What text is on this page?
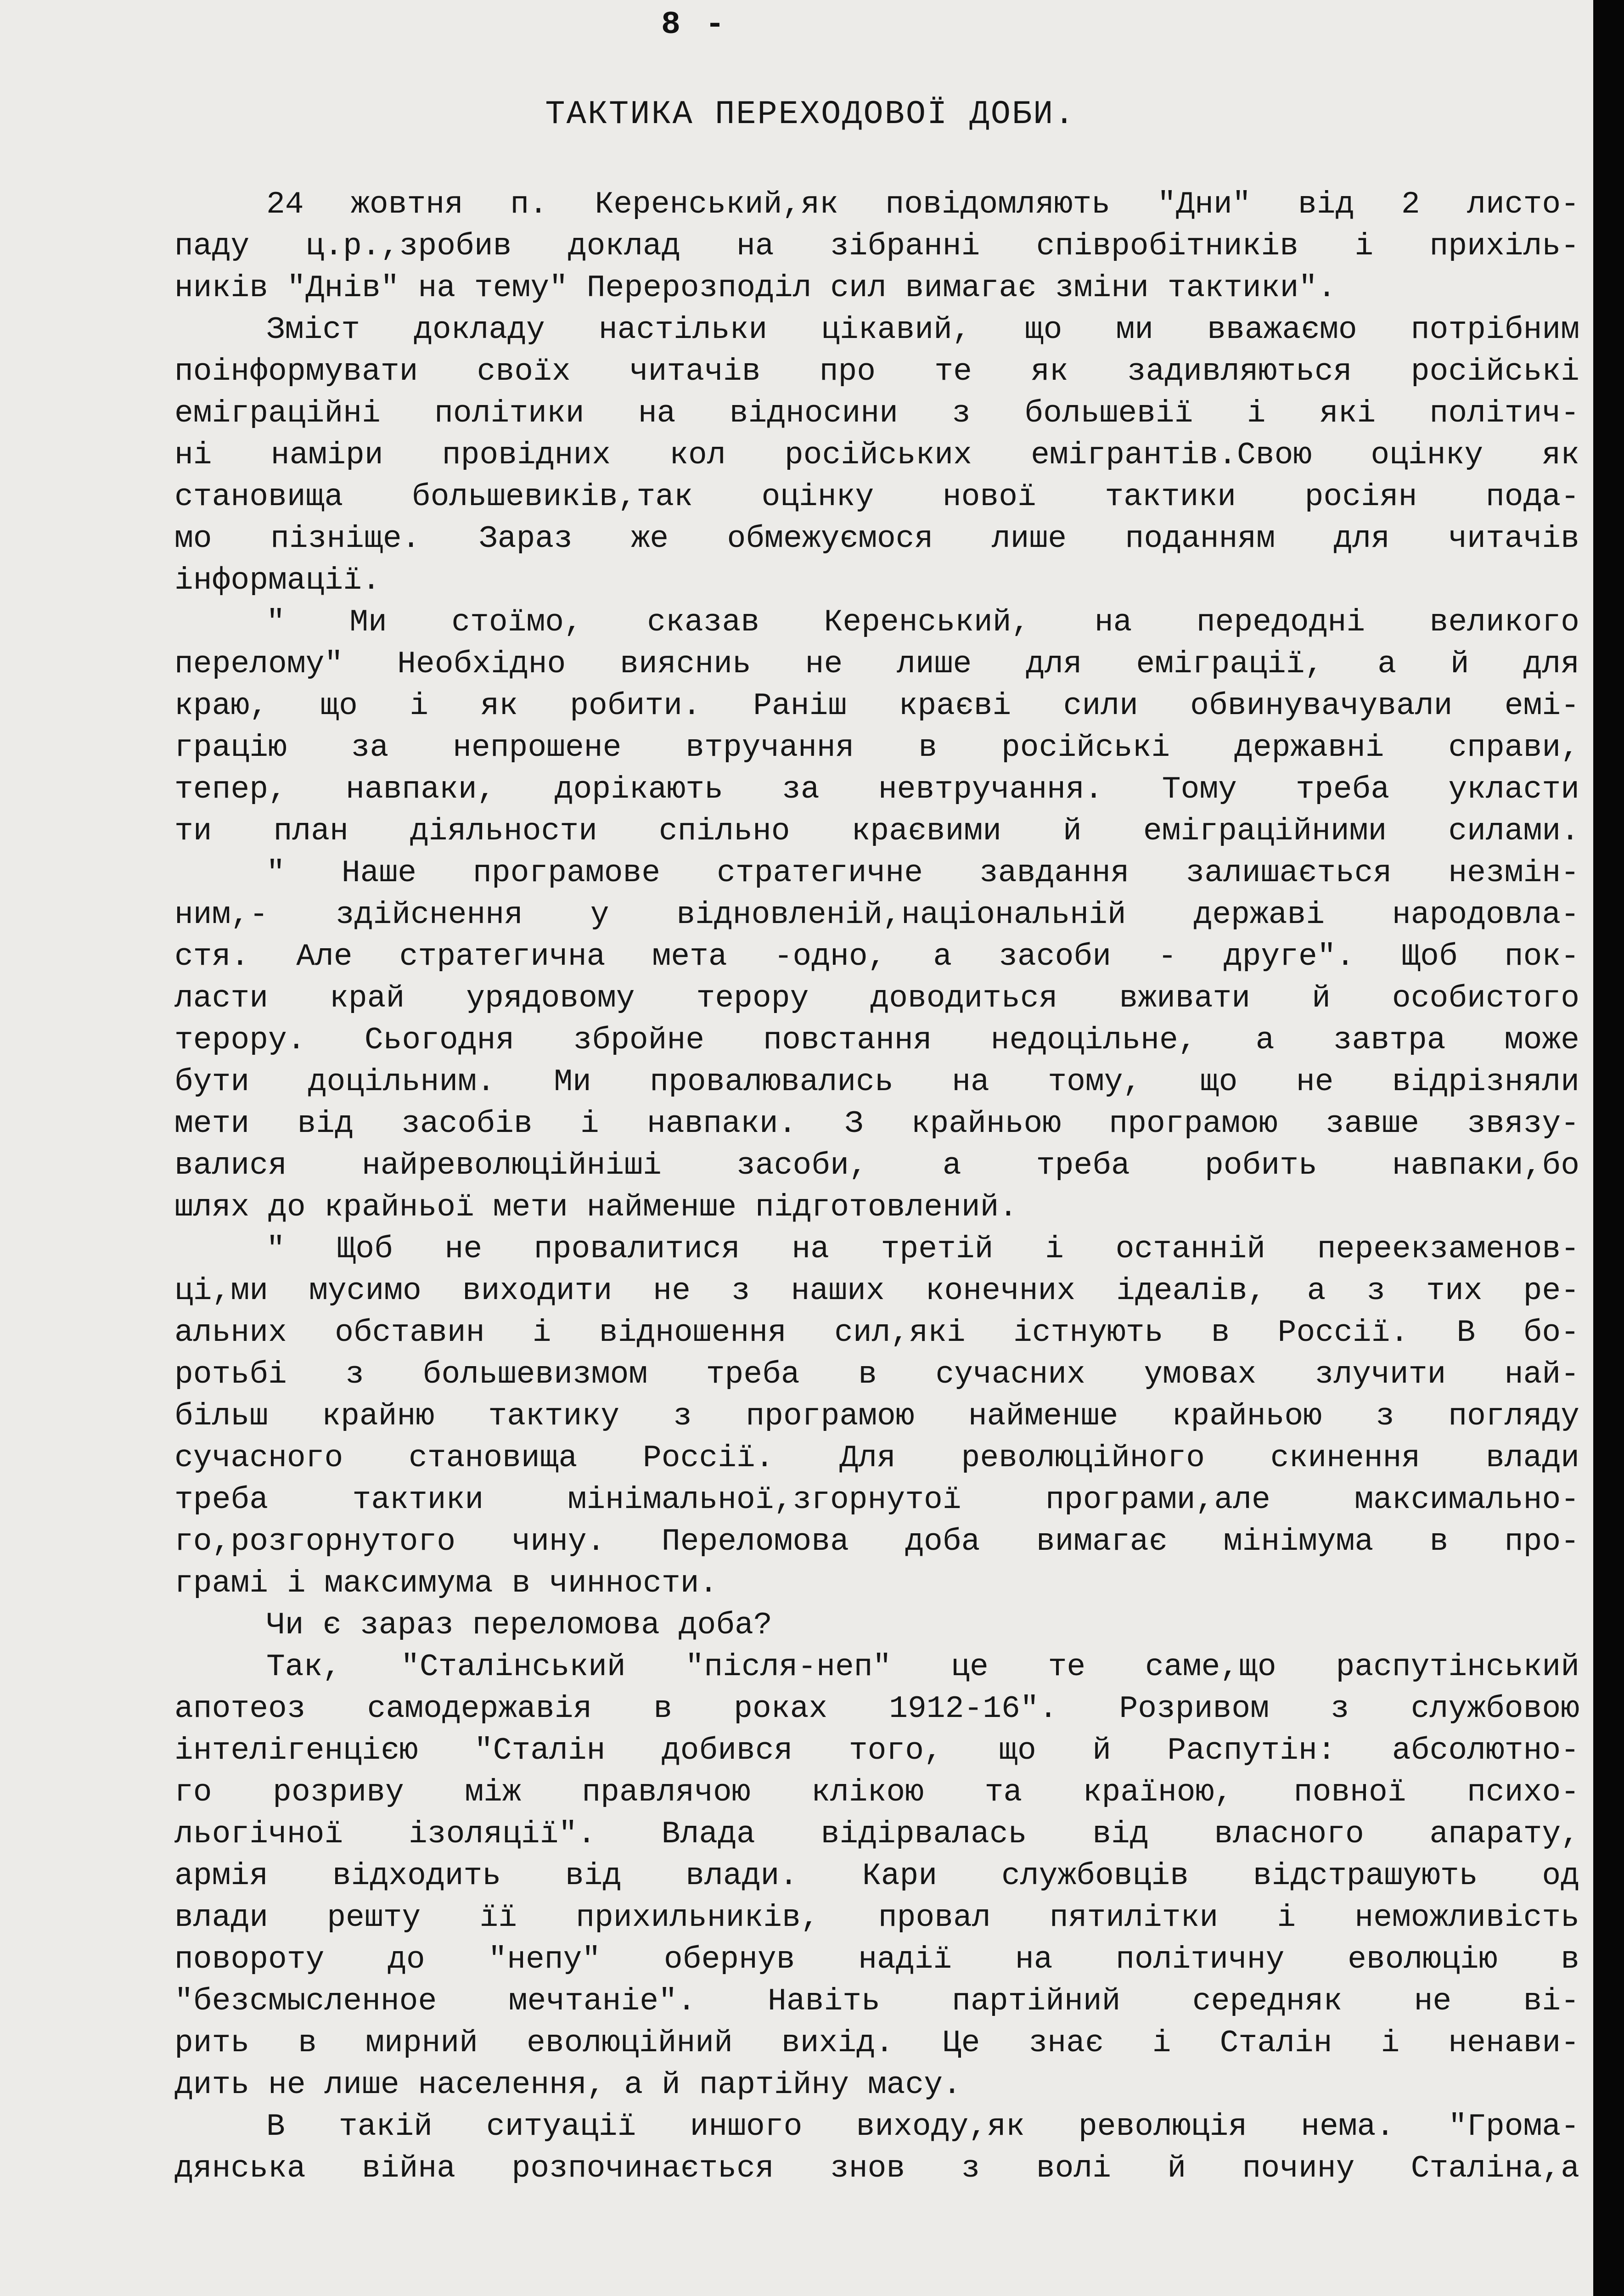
8 -
ТАКТИКА ПЕРЕХОДОВОЇ ДОБИ.
24 жовтня п. Керенський,як повідомляють "Дни" від 2 листо-
паду ц.р.,зробив доклад на зібранні співробітників і прихіль-
ників "Днів" на тему" Перерозподіл сил вимагає зміни тактики".
Зміст докладу настільки цікавий, що ми вважаємо потрібним
поінформувати своїх читачів про те як задивляються російські
еміграційні політики на відносини з большевії і які політич-
ні наміри провідних кол російських емігрантів.Свою оцінку як
становища большевиків,так оцінку нової тактики росіян пода-
мо пізніще. Зараз же обмежуємося лише поданням для читачів
інформації.
" Ми стоїмо, сказав Керенський, на передодні великого
перелому" Необхідно виясниь не лише для еміграції, а й для
краю, що і як робити. Раніш краєві сили обвинувачували емі-
грацію за непрошене втручання в російські державні справи,
тепер, навпаки, дорікають за невтручання. Тому треба укласти
ти план діяльности спільно краєвими й еміграційними силами.
" Наше програмове стратегичне завдання залишається незмін-
ним,- здійснення у відновленій,національній державі народовла-
стя. Але стратегична мета -одно, а засоби - друге". Щоб пок-
ласти край урядовому терору доводиться вживати й особистого
терору. Сьогодня збройне повстання недоцільне, а завтра може
бути доцільним. Ми провалювались на тому, що не відрізняли
мети від засобів і навпаки. З крайньою програмою завше звязу-
валися найреволюційніші засоби, а треба робить навпаки,бо
шлях до крайньої мети найменше підготовлений.
" Щоб не провалитися на третій і останній переекзаменов-
ці,ми мусимо виходити не з наших конечних ідеалів, а з тих ре-
альних обставин і відношення сил,які істнують в Россії. В бо-
ротьбі з большевизмом треба в сучасних умовах злучити най-
більш крайню тактику з програмою найменше крайньою з погляду
сучасного становища Россії. Для революційного скинення влади
треба тактики мінімальної,згорнутої програми,але максимально-
го,розгорнутого чину. Переломова доба вимагає мінімума в про-
грамі і максимума в чинности.
Чи є зараз переломова доба?
Так, "Сталінський "після-неп" це те саме,що распутінський
апотеоз самодержавія в роках 1912-16". Розривом з службовою
інтелігенцією "Сталін добився того, що й Распутін: абсолютно-
го розриву між правлячою клікою та країною, повної психо-
льогічної ізоляції". Влада відірвалась від власного апарату,
армія відходить від влади. Кари службовців відстрашують од
влади решту її прихильників, провал пятилітки і неможливість
повороту до "непу" обернув надії на політичну еволюцію в
"безсмысленное мечтаніе". Навіть партійний середняк не ві-
рить в мирний еволюційний вихід. Це знає і Сталін і ненави-
дить не лише населення, а й партійну масу.
В такій ситуації иншого виходу,як революція нема. "Грома-
дянська війна розпочинається знов з волі й почину Сталіна,а
